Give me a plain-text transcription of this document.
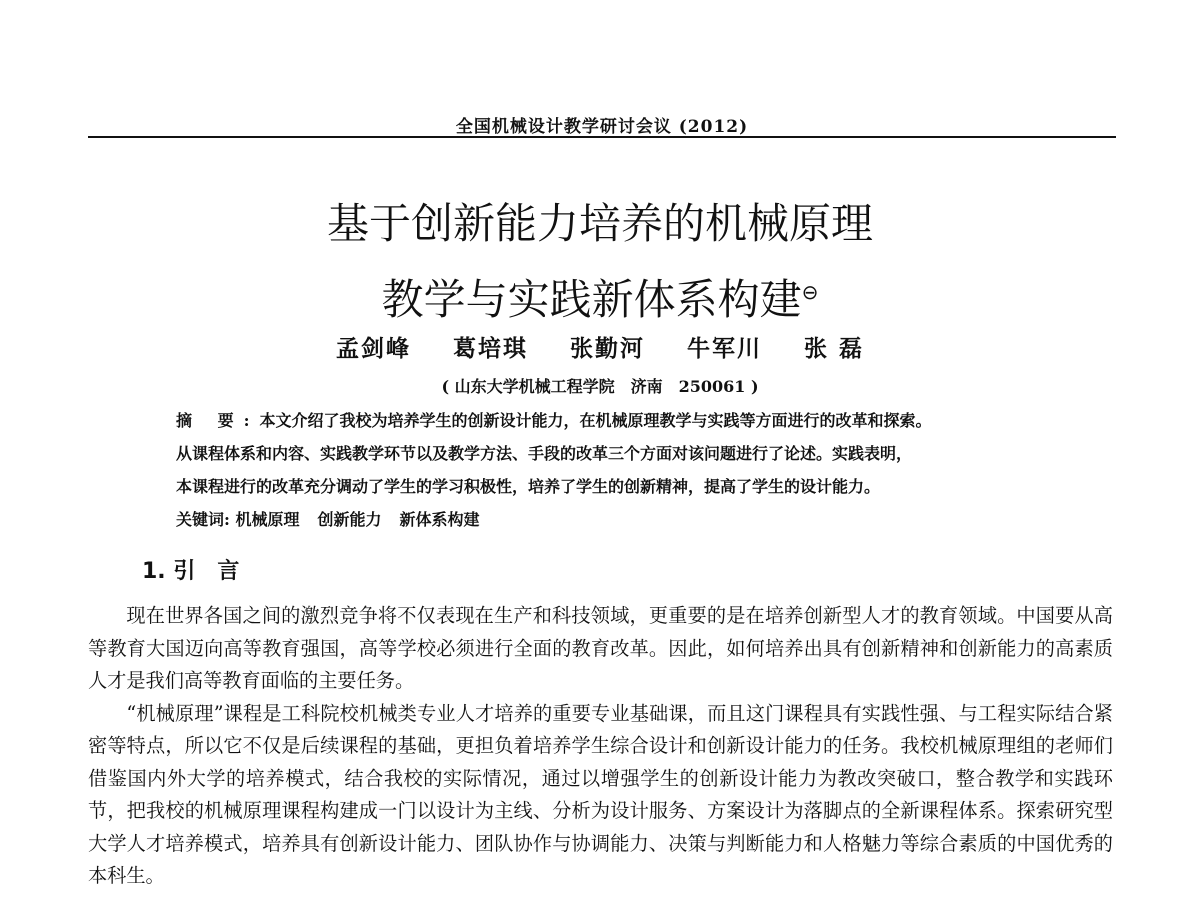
全国机械设计教学研讨会议 (2012)
基于创新能力培养的机械原理
教学与实践新体系构建⊖
孟剑峰 葛培琪 张勤河 牛军川 张 磊
( 山东大学机械工程学院　济南　250061 )
摘 要:本文介绍了我校为培养学生的创新设计能力，在机械原理教学与实践等方面进行的改革和探索。
从课程体系和内容、实践教学环节以及教学方法、手段的改革三个方面对该问题进行了论述。实践表明，
本课程进行的改革充分调动了学生的学习积极性，培养了学生的创新精神，提高了学生的设计能力。
关键词: 机械原理 创新能力 新体系构建
1. 引　言

现在世界各国之间的激烈竞争将不仅表现在生产和科技领域，更重要的是在培养创新型人才的教育领域。中国要从高等教育大国迈向高等教育强国，高等学校必须进行全面的教育改革。因此，如何培养出具有创新精神和创新能力的高素质人才是我们高等教育面临的主要任务。

“机械原理”课程是工科院校机械类专业人才培养的重要专业基础课，而且这门课程具有实践性强、与工程实际结合紧密等特点，所以它不仅是后续课程的基础，更担负着培养学生综合设计和创新设计能力的任务。我校机械原理组的老师们借鉴国内外大学的培养模式，结合我校的实际情况，通过以增强学生的创新设计能力为教改突破口，整合教学和实践环节，把我校的机械原理课程构建成一门以设计为主线、分析为设计服务、方案设计为落脚点的全新课程体系。探索研究型大学人才培养模式，培养具有创新设计能力、团队协作与协调能力、决策与判断能力和人格魅力等综合素质的中国优秀的本科生。
